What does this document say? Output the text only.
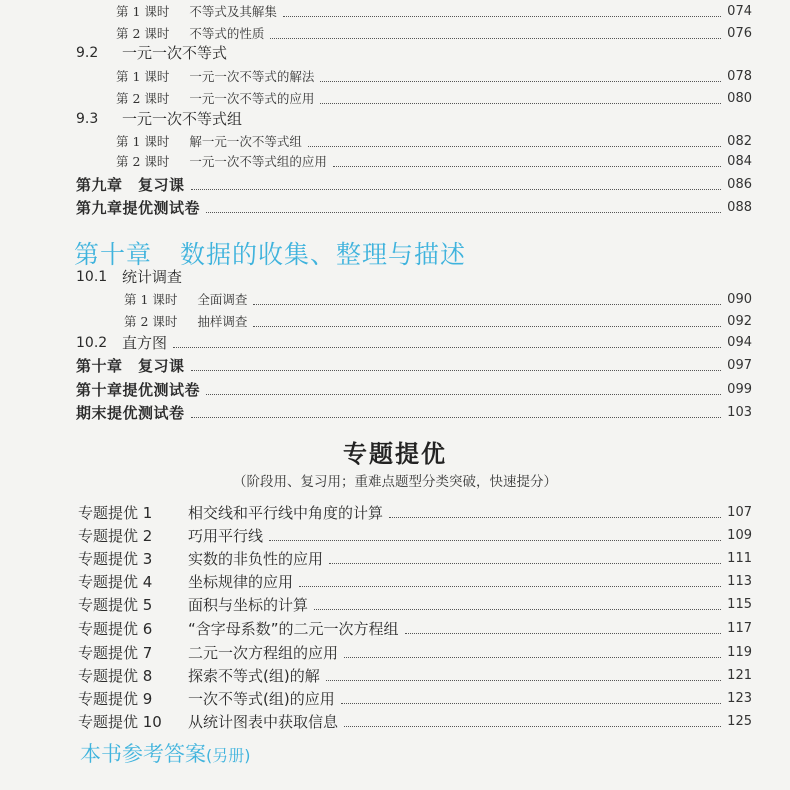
第 1 课时 不等式及其解集	074
第 2 课时 不等式的性质	076
9.2	一元一次不等式
第 1 课时 一元一次不等式的解法	078
第 2 课时 一元一次不等式的应用	080
9.3	一元一次不等式组
第 1 课时 解一元一次不等式组	082
第 2 课时 一元一次不等式组的应用	084
第九章　复习课	086
第九章提优测试卷	088
第十章 数据的收集、整理与描述
10.1 统计调查
第 1 课时 全面调查	090
第 2 课时 抽样调查	092
10.2 直方图	094
第十章　复习课	097
第十章提优测试卷	099
期末提优测试卷	103
专题提优
（阶段用、复习用；重难点题型分类突破，快速提分）
专题提优 1	相交线和平行线中角度的计算	107
专题提优 2	巧用平行线	109
专题提优 3	实数的非负性的应用	111
专题提优 4	坐标规律的应用	113
专题提优 5	面积与坐标的计算	115
专题提优 6	“含字母系数”的二元一次方程组	117
专题提优 7	二元一次方程组的应用	119
专题提优 8	探索不等式(组)的解	121
专题提优 9	一次不等式(组)的应用	123
专题提优 10	从统计图表中获取信息	125
本书参考答案(另册)
